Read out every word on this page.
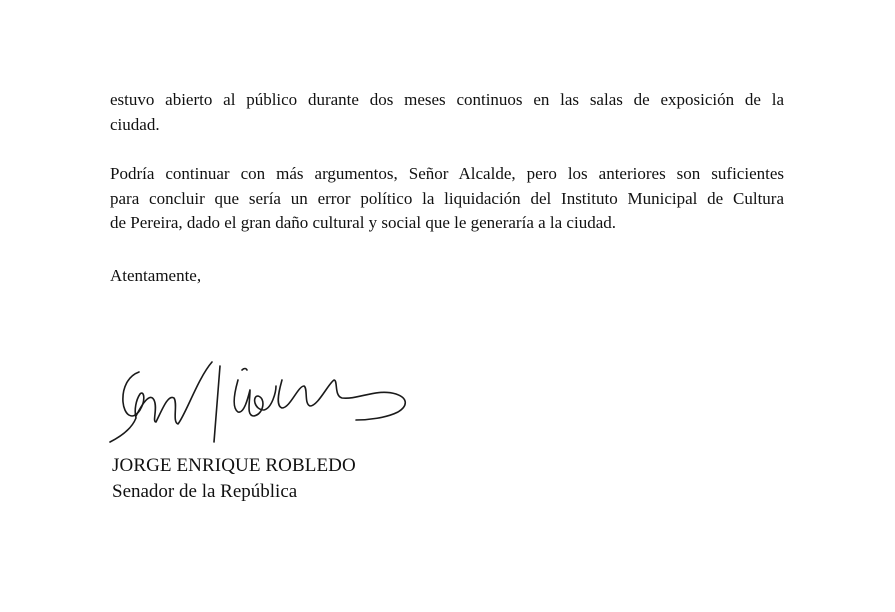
estuvo abierto al público durante dos meses continuos en las salas de exposición de la
ciudad.

Podría continuar con más argumentos, Señor Alcalde, pero los anteriores son suficientes
para concluir que sería un error político la liquidación del Instituto Municipal de Cultura
de Pereira, dado el gran daño cultural y social que le generaría a la ciudad.

Atentamente,

JORGE ENRIQUE ROBLEDO

Senador de la República
